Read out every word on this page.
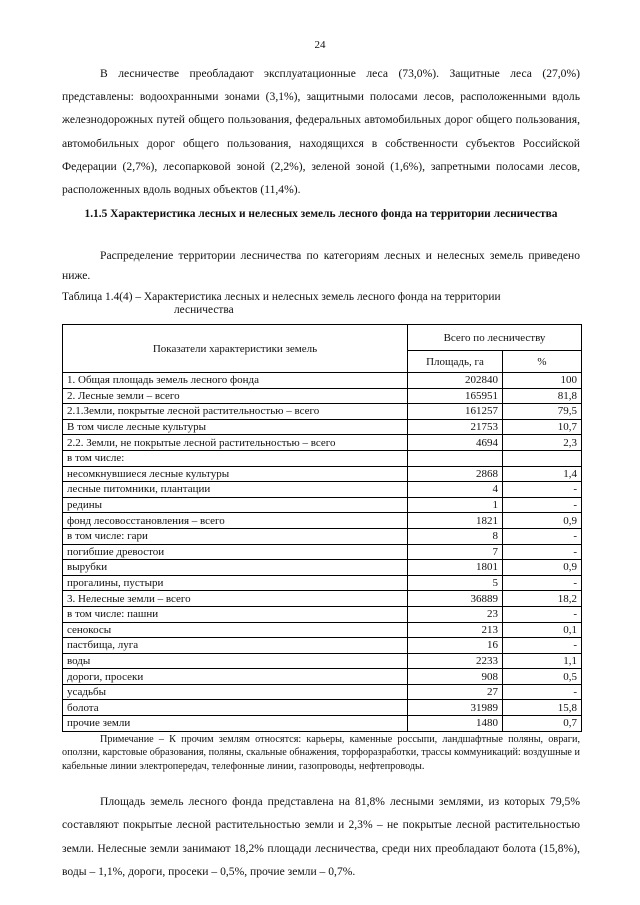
24

В лесничестве преобладают эксплуатационные леса (73,0%). Защитные леса (27,0%) представлены: водоохранными зонами (3,1%), защитными полосами лесов, расположенными вдоль железнодорожных путей общего пользования, федеральных автомобильных дорог общего пользования, автомобильных дорог общего пользования, находящихся в собственности субъектов Российской Федерации (2,7%), лесопарковой зоной (2,2%), зеленой зоной (1,6%), запретными полосами лесов, расположенных вдоль водных объектов (11,4%).

1.1.5 Характеристика лесных и нелесных земель лесного фонда на территории лесничества

Распределение территории лесничества по категориям лесных и нелесных земель приведено ниже.

Таблица 1.4(4) – Характеристика лесных и нелесных земель лесного фонда на территории
лесничества

Показатели характеристики земель	Всего по лесничеству	
	Площадь, га	%
1. Общая площадь земель лесного фонда	202840	100
2. Лесные земли – всего	165951	81,8
2.1.Земли, покрытые лесной растительностью – всего	161257	79,5
В том числе лесные культуры	21753	10,7
2.2. Земли, не покрытые лесной растительностью – всего	4694	2,3
в том числе:		
несомкнувшиеся лесные культуры	2868	1,4
лесные питомники, плантации	4	-
редины	1	-
фонд лесовосстановления – всего	1821	0,9
в том числе: гари	8	-
погибшие древостои	7	-
вырубки	1801	0,9
прогалины, пустыри	5	-
3. Нелесные земли – всего	36889	18,2
в том числе: пашни	23	-
сенокосы	213	0,1
пастбища, луга	16	-
воды	2233	1,1
дороги, просеки	908	0,5
усадьбы	27	-
болота	31989	15,8
прочие земли	1480	0,7

Примечание – К прочим землям относятся: карьеры, каменные россыпи, ландшафтные поляны, овраги, оползни, карстовые образования, поляны, скальные обнажения, торфоразработки, трассы коммуникаций: воздушные и кабельные линии электропередач, телефонные линии, газопроводы, нефтепроводы.

Площадь земель лесного фонда представлена на 81,8% лесными землями, из которых 79,5% составляют покрытые лесной растительностью земли и 2,3% – не покрытые лесной растительностью земли. Нелесные земли занимают 18,2% площади лесничества, среди них преобладают болота (15,8%), воды – 1,1%, дороги, просеки – 0,5%, прочие земли – 0,7%.
